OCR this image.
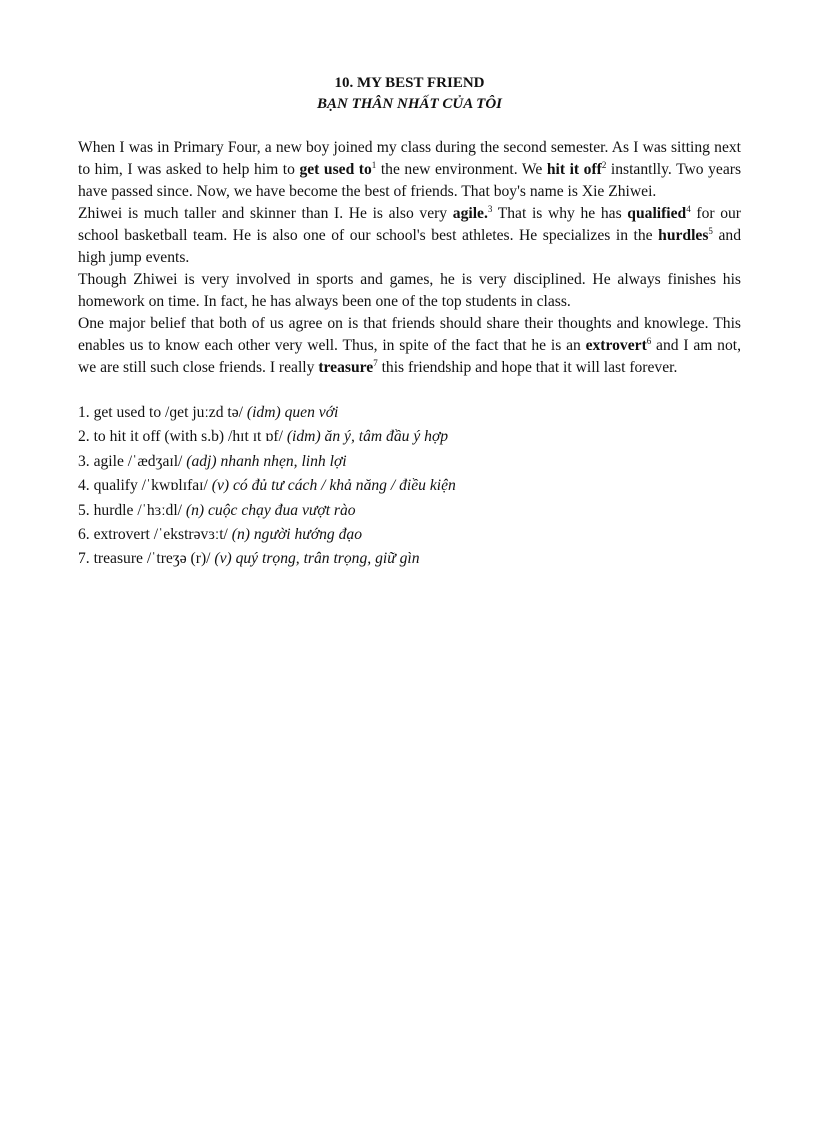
10. MY BEST FRIEND
BẠN THÂN NHẤT CỦA TÔI

When I was in Primary Four, a new boy joined my class during the second semester. As I was sitting next to him, I was asked to help him to get used $to^1$ the new environment. We hit it off$^2$ instantlly. Two years have passed since. Now, we have become the best of friends. That boy's name is Xie Zhiwei.

Zhiwei is much taller and skinner than I. He is also very agile.$^3$ That is why he has qualified$^4$ for our school basketball team. He is also one of our school's best athletes. He specializes in the hurdles$^5$ and high jump events.

Though Zhiwei is very involved in sports and games, he is very disciplined. He always finishes his homework on time. In fact, he has always been one of the top students in class.

One major belief that both of us agree on is that friends should share their thoughts and knowlege. This enables us to know each other very well. Thus, in spite of the fact that he is an extrovert$^6$ and I am not, we are still such close friends. I really treasure$^7$ this friendship and hope that it will last forever.

1. get used to /ɡet juːzd tə/ (idm) quen với
2. to hit it off (with s.b) /hɪt ɪt ɒf/ (idm) ăn ý, tâm đầu ý hợp
3. agile /ˈædʒaɪl/ (adj) nhanh nhẹn, linh lợi
4. qualify /ˈkwɒlɪfaɪ/ (v) có đủ tư cách / khả năng / điều kiện
5. hurdle /ˈhɜːdl/ (n) cuộc chạy đua vượt rào
6. extrovert /ˈekstrəvɜːt/ (n) người hướng đạo
7. treasure /ˈtreʒə (r)/ (v) quý trọng, trân trọng, giữ gìn
